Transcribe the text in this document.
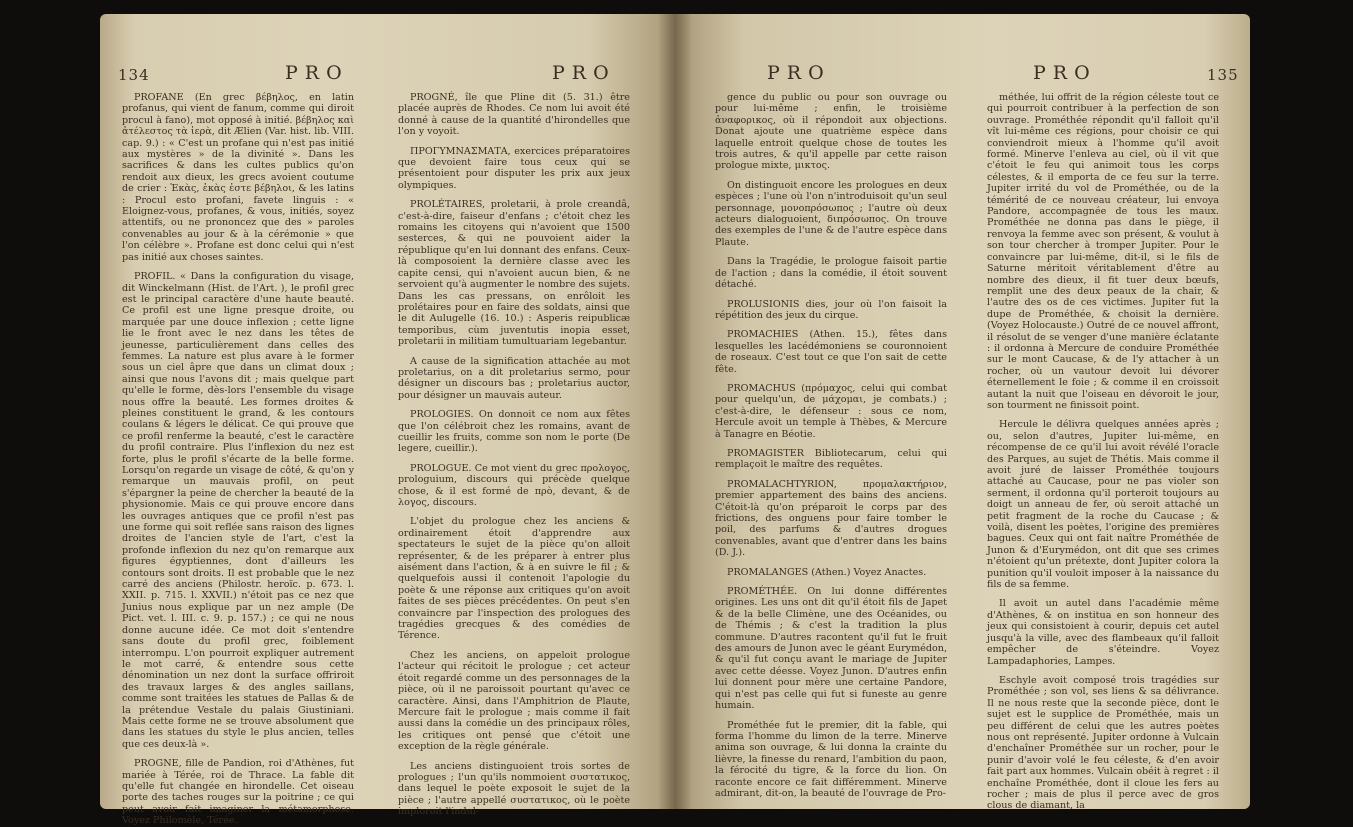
134	PRO	PRO

PROFANE (En grec βέβηλος, en latin profanus, qui vient de fanum, comme qui diroit procul à fano), mot opposé à initié. βέβηλος καὶ ἀτέλεστος τὰ ἱερὰ, dit Ælien (Var. hist. lib. VIII. cap. 9.) : « C'est un profane qui n'est pas initié aux mystères » de la divinité ». Dans les sacrifices & dans les cultes publics qu'on rendoit aux dieux, les grecs avoient coutume de crier : Ἑκὰς, ἑκὰς ἐστε βέβηλοι, & les latins : Procul esto profani, favete linguis : « Eloignez-vous, profanes, & vous, initiés, soyez attentifs, ou ne prononcez que des » paroles convenables au jour & à la cérémonie » que l'on célèbre ». Profane est donc celui qui n'est pas initié aux choses saintes.

PROFIL. « Dans la configuration du visage, dit Winckelmann (Hist. de l'Art. ), le profil grec est le principal caractère d'une haute beauté. Ce profil est une ligne presque droite, ou marquée par une douce inflexion ; cette ligne lie le front avec le nez dans les têtes de jeunesse, particulièrement dans celles des femmes. La nature est plus avare à le former sous un ciel âpre que dans un climat doux ; ainsi que nous l'avons dit ; mais quelque part qu'elle le forme, dès-lors l'ensemble du visage nous offre la beauté. Les formes droites & pleines constituent le grand, & les contours coulans & légers le délicat. Ce qui prouve que ce profil renferme la beauté, c'est le caractère du profil contraire. Plus l'inflexion du nez est forte, plus le profil s'écarte de la belle forme. Lorsqu'on regarde un visage de côté, & qu'on y remarque un mauvais profil, on peut s'épargner la peine de chercher la beauté de la physionomie. Mais ce qui prouve encore dans les ouvrages antiques que ce profil n'est pas une forme qui soit reflée sans raison des lignes droites de l'ancien style de l'art, c'est la profonde inflexion du nez qu'on remarque aux figures égyptiennes, dont d'ailleurs les contours sont droits. Il est probable que le nez carré des anciens (Philostr. heroïc. p. 673. l. XXII. p. 715. l. XXVII.) n'étoit pas ce nez que Junius nous explique par un nez ample (De Pict. vet. l. III. c. 9. p. 157.) ; ce qui ne nous donne aucune idée. Ce mot doit s'entendre sans doute du profil grec, foiblement interrompu. L'on pourroit expliquer autrement le mot carré, & entendre sous cette dénomination un nez dont la surface offriroit des travaux larges & des angles saillans, comme sont traitées les statues de Pallas & de la prétendue Vestale du palais Giustiniani. Mais cette forme ne se trouve absolument que dans les statues du style le plus ancien, telles que ces deux-là ».

PROGNE, fille de Pandion, roi d'Athènes, fut mariée à Térée, roi de Thrace. La fable dit qu'elle fut changée en hirondelle. Cet oiseau porte des taches rouges sur la poitrine ; ce qui peut avoir fait imaginer la métamorphose. Voyez Philomèle, Térée.

PROGNÉ, île que Pline dit (5. 31.) être placée auprès de Rhodes. Ce nom lui avoit été donné à cause de la quantité d'hirondelles que l'on y voyoit.

ΠΡΟΓΥΜΝΑΣΜΑΤΑ, exercices préparatoires que devoient faire tous ceux qui se présentoient pour disputer les prix aux jeux olympiques.

PROLÉTAIRES, proletarii, à prole creandâ, c'est-à-dire, faiseur d'enfans ; c'étoit chez les romains les citoyens qui n'avoient que 1500 sesterces, & qui ne pouvoient aider la république qu'en lui donnant des enfans. Ceux-là composoient la dernière classe avec les capite censi, qui n'avoient aucun bien, & ne servoient qu'à augmenter le nombre des sujets. Dans les cas pressans, on enrôloit les prolétaires pour en faire des soldats, ainsi que le dit Aulugelle (16. 10.) : Asperis reipublicæ temporibus, cùm juventutis inopia esset, proletarii in militiam tumultuariam legebantur.

A cause de la signification attachée au mot proletarius, on a dit proletarius sermo, pour désigner un discours bas ; proletarius auctor, pour désigner un mauvais auteur.

PROLOGIES. On donnoit ce nom aux fêtes que l'on célébroit chez les romains, avant de cueillir les fruits, comme son nom le porte (De legere, cueillir.).

PROLOGUE. Ce mot vient du grec προλογος, prologuium, discours qui précède quelque chose, & il est formé de πρὸ, devant, & de λογος, discours.

L'objet du prologue chez les anciens & ordinairement étoit d'apprendre aux spectateurs le sujet de la pièce qu'on alloit représenter, & de les préparer à entrer plus aisément dans l'action, & à en suivre le fil ; & quelquefois aussi il contenoit l'apologie du poète & une réponse aux critiques qu'on avoit faites de ses pièces précédentes. On peut s'en convaincre par l'inspection des prologues des tragédies grecques & des comédies de Térence.

Chez les anciens, on appeloit prologue l'acteur qui récitoit le prologue ; cet acteur étoit regardé comme un des personnages de la pièce, où il ne paroissoit pourtant qu'avec ce caractère. Ainsi, dans l'Amphitrion de Plaute, Mercure fait le prologue ; mais comme il fait aussi dans la comédie un des principaux rôles, les critiques ont pensé que c'étoit une exception de la règle générale.

Les anciens distinguoient trois sortes de prologues ; l'un qu'ils nommoient συστατικος, dans lequel le poète exposoit le sujet de la pièce ; l'autre appellé συστατικος, où le poète imploroit l'indul-

PRO	PRO	135

gence du public ou pour son ouvrage ou pour lui-même ; enfin, le troisième ἀναφορικος, où il répondoit aux objections. Donat ajoute une quatrième espèce dans laquelle entroit quelque chose de toutes les trois autres, & qu'il appelle par cette raison prologue mixte, μικτος.

On distinguoit encore les prologues en deux espèces ; l'une où l'on n'introduisoit qu'un seul personnage, μονοπρόσωπος ; l'autre où deux acteurs dialoguoient, διπρόσωπος. On trouve des exemples de l'une & de l'autre espèce dans Plaute.

Dans la Tragédie, le prologue faisoit partie de l'action ; dans la comédie, il étoit souvent détaché.

PROLUSIONIS dies, jour où l'on faisoit la répétition des jeux du cirque.

PROMACHIES (Athen. 15.), fêtes dans lesquelles les lacédémoniens se couronnoient de roseaux. C'est tout ce que l'on sait de cette fête.

PROMACHUS (πρόμαχος, celui qui combat pour quelqu'un, de μάχομαι, je combats.) ; c'est-à-dire, le défenseur : sous ce nom, Hercule avoit un temple à Thèbes, & Mercure à Tanagre en Béotie.

PROMAGISTER Bibliotecarum, celui qui remplaçoit le maître des requêtes.

PROMALACHTYRION, προμαλακτήριον, premier appartement des bains des anciens. C'étoit-là qu'on préparoit le corps par des frictions, des onguens pour faire tomber le poil, des parfums & d'autres drogues convenables, avant que d'entrer dans les bains (D. J.).

PROMALANGES (Athen.) Voyez Anactes.

PROMÉTHÉE. On lui donne différentes origines. Les uns ont dit qu'il étoit fils de Japet & de la belle Climène, une des Océanides, ou de Thémis ; & c'est la tradition la plus commune. D'autres racontent qu'il fut le fruit des amours de Junon avec le géant Eurymédon, & qu'il fut conçu avant le mariage de Jupiter avec cette déesse. Voyez Junon. D'autres enfin lui donnent pour mère une certaine Pandore, qui n'est pas celle qui fut si funeste au genre humain.

Prométhée fut le premier, dit la fable, qui forma l'homme du limon de la terre. Minerve anima son ouvrage, & lui donna la crainte du lièvre, la finesse du renard, l'ambition du paon, la férocité du tigre, & la force du lion. On raconte encore ce fait différemment. Minerve admirant, dit-on, la beauté de l'ouvrage de Pro-

méthée, lui offrit de la région céleste tout ce qui pourroit contribuer à la perfection de son ouvrage. Prométhée répondit qu'il falloit qu'il vît lui-même ces régions, pour choisir ce qui conviendroit mieux à l'homme qu'il avoit formé. Minerve l'enleva au ciel, où il vit que c'étoit le feu qui animoit tous les corps célestes, & il emporta de ce feu sur la terre. Jupiter irrité du vol de Prométhée, ou de la témérité de ce nouveau créateur, lui envoya Pandore, accompagnée de tous les maux. Prométhée ne donna pas dans le piège, il renvoya la femme avec son présent, & voulut à son tour chercher à tromper Jupiter. Pour le convaincre par lui-même, dit-il, si le fils de Saturne méritoit véritablement d'être au nombre des dieux, il fit tuer deux bœufs, remplit une des deux peaux de la chair, & l'autre des os de ces victimes. Jupiter fut la dupe de Prométhée, & choisit la dernière. (Voyez Holocauste.) Outré de ce nouvel affront, il résolut de se venger d'une manière éclatante : il ordonna à Mercure de conduire Prométhée sur le mont Caucase, & de l'y attacher à un rocher, où un vautour devoit lui dévorer éternellement le foie ; & comme il en croissoit autant la nuit que l'oiseau en dévoroit le jour, son tourment ne finissoit point.

Hercule le délivra quelques années après ; ou, selon d'autres, Jupiter lui-même, en récompense de ce qu'il lui avoit révélé l'oracle des Parques, au sujet de Thétis. Mais comme il avoit juré de laisser Prométhée toujours attaché au Caucase, pour ne pas violer son serment, il ordonna qu'il porteroit toujours au doigt un anneau de fer, où seroit attaché un petit fragment de la roche du Caucase ; & voilà, disent les poètes, l'origine des premières bagues. Ceux qui ont fait naître Prométhée de Junon & d'Eurymédon, ont dit que ses crimes n'étoient qu'un prétexte, dont Jupiter colora la punition qu'il vouloit imposer à la naissance du fils de sa femme.

Il avoit un autel dans l'académie même d'Athènes, & on institua en son honneur des jeux qui consistoient à courir, depuis cet autel jusqu'à la ville, avec des flambeaux qu'il falloit empêcher de s'éteindre. Voyez Lampadaphories, Lampes.

Eschyle avoit composé trois tragédies sur Prométhée ; son vol, ses liens & sa délivrance. Il ne nous reste que la seconde pièce, dont le sujet est le supplice de Prométhée, mais un peu différent de celui que les autres poètes nous ont représenté. Jupiter ordonne à Vulcain d'enchaîner Prométhée sur un rocher, pour le punir d'avoir volé le feu céleste, & d'en avoir fait part aux hommes. Vulcain obéit à regret : il enchaîne Prométhée, dont il cloue les fers au rocher ; mais de plus il perce avec de gros clous de diamant, la
